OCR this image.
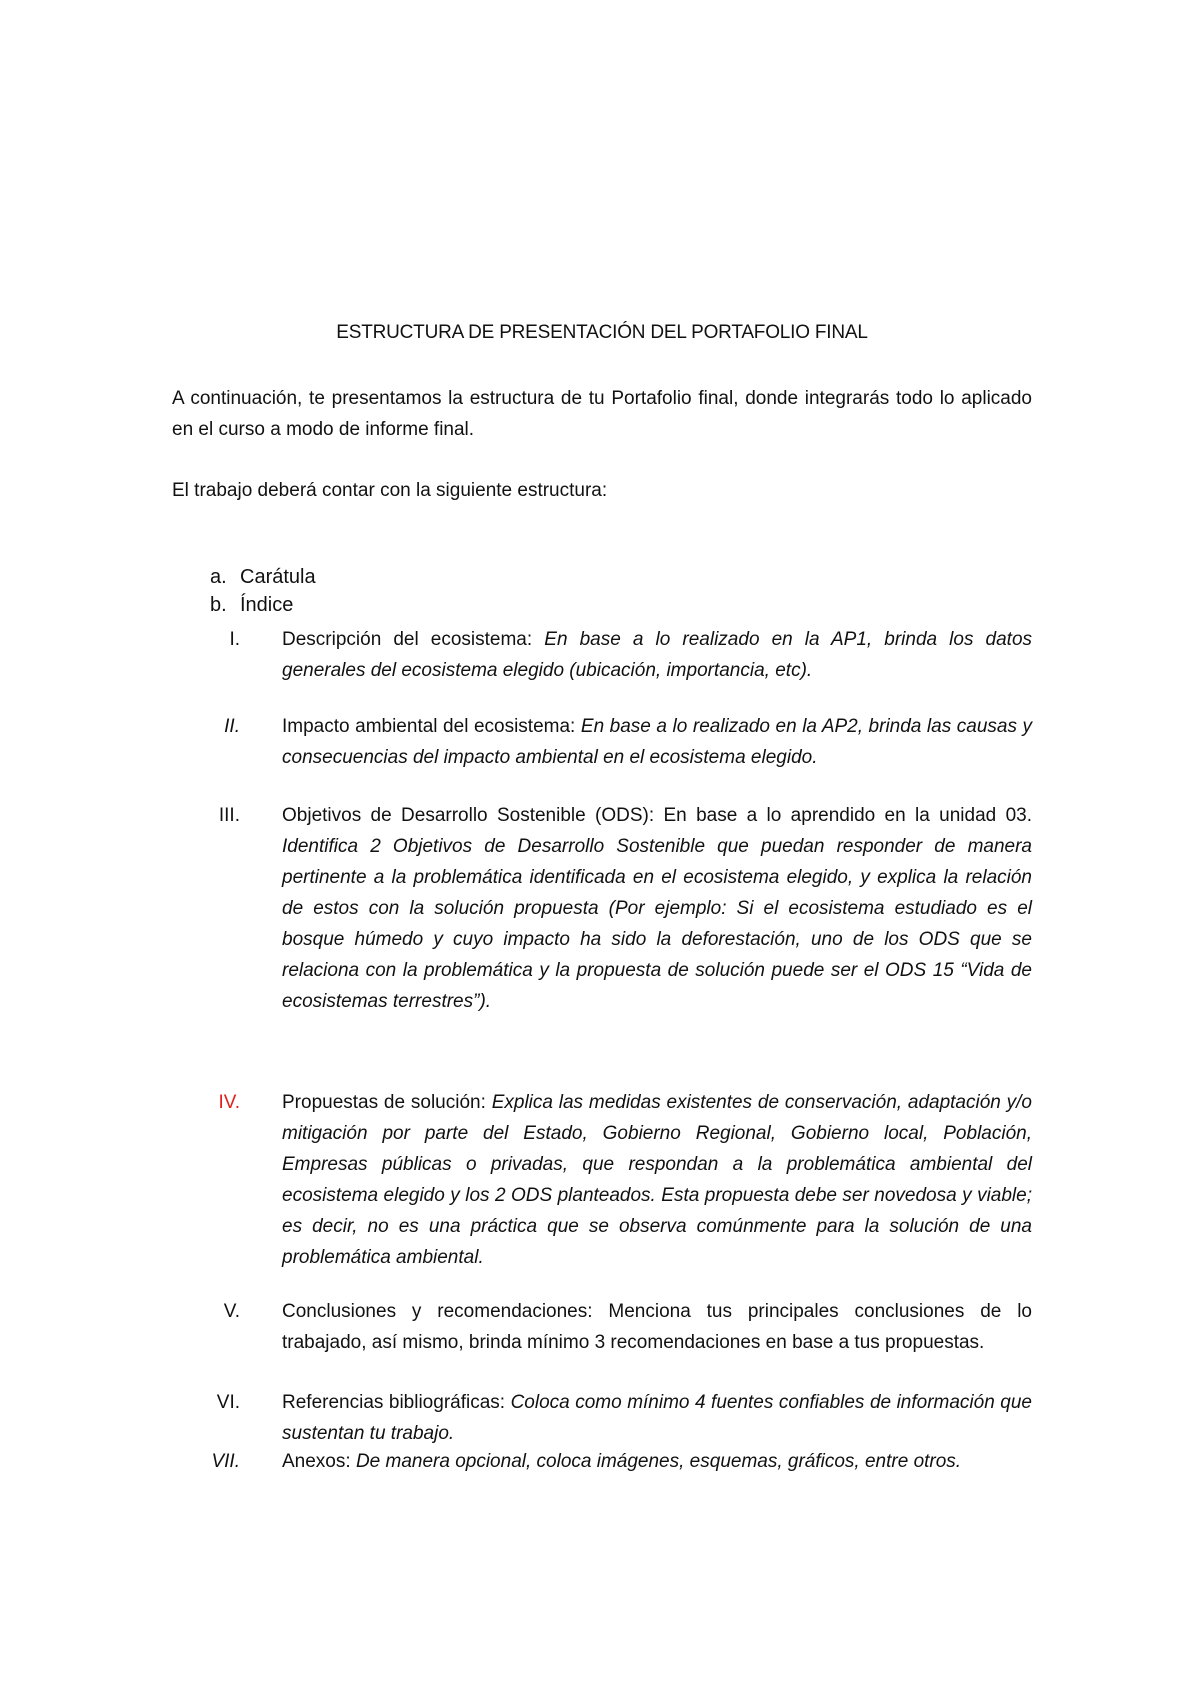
ESTRUCTURA DE PRESENTACIÓN DEL PORTAFOLIO FINAL
A continuación, te presentamos la estructura de tu Portafolio final, donde integrarás todo lo aplicado en el curso a modo de informe final.
El trabajo deberá contar con la siguiente estructura:
a. Carátula
b. Índice
I. Descripción del ecosistema: En base a lo realizado en la AP1, brinda los datos generales del ecosistema elegido (ubicación, importancia, etc).
II. Impacto ambiental del ecosistema: En base a lo realizado en la AP2, brinda las causas y consecuencias del impacto ambiental en el ecosistema elegido.
III. Objetivos de Desarrollo Sostenible (ODS): En base a lo aprendido en la unidad 03. Identifica 2 Objetivos de Desarrollo Sostenible que puedan responder de manera pertinente a la problemática identificada en el ecosistema elegido, y explica la relación de estos con la solución propuesta (Por ejemplo: Si el ecosistema estudiado es el bosque húmedo y cuyo impacto ha sido la deforestación, uno de los ODS que se relaciona con la problemática y la propuesta de solución puede ser el ODS 15 “Vida de ecosistemas terrestres”).
IV. Propuestas de solución: Explica las medidas existentes de conservación, adaptación y/o mitigación por parte del Estado, Gobierno Regional, Gobierno local, Población, Empresas públicas o privadas, que respondan a la problemática ambiental del ecosistema elegido y los 2 ODS planteados. Esta propuesta debe ser novedosa y viable; es decir, no es una práctica que se observa comúnmente para la solución de una problemática ambiental.
V. Conclusiones y recomendaciones: Menciona tus principales conclusiones de lo trabajado, así mismo, brinda mínimo 3 recomendaciones en base a tus propuestas.
VI. Referencias bibliográficas: Coloca como mínimo 4 fuentes confiables de información que sustentan tu trabajo.
VII. Anexos: De manera opcional, coloca imágenes, esquemas, gráficos, entre otros.
